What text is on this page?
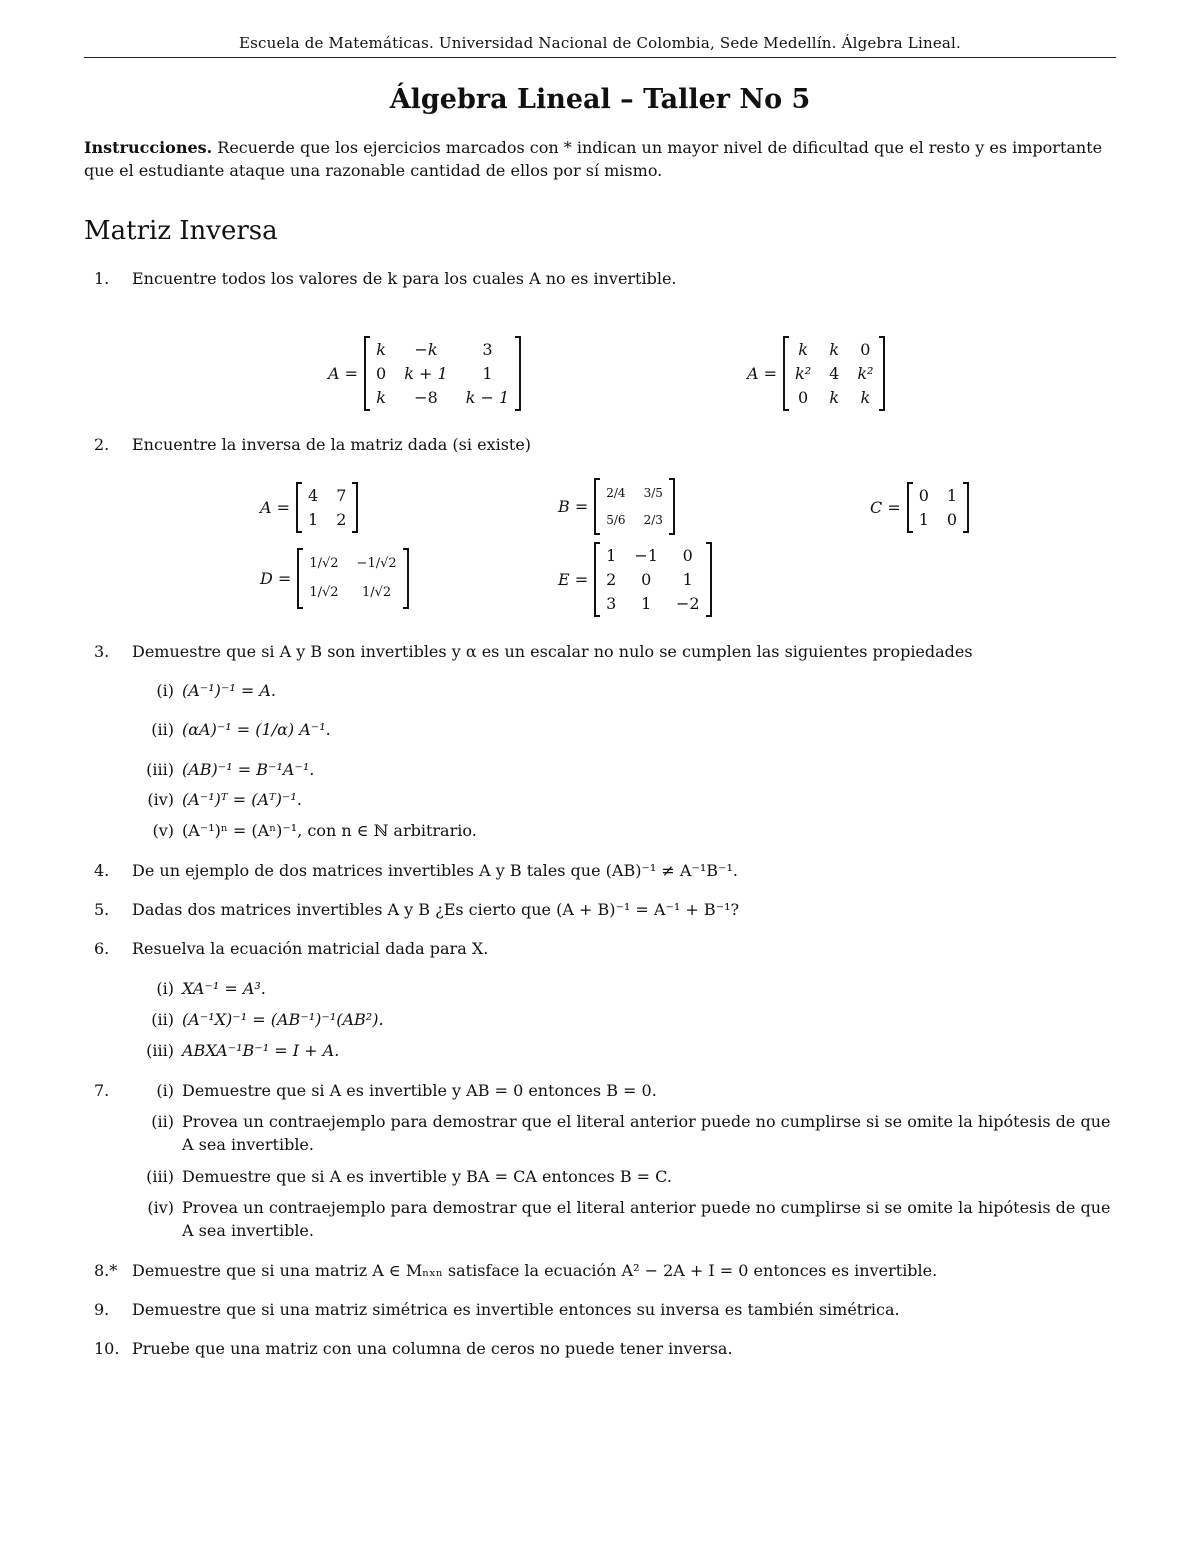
Escuela de Matemáticas. Universidad Nacional de Colombia, Sede Medellín. Álgebra Lineal.
Álgebra Lineal – Taller No 5
Instrucciones. Recuerde que los ejercicios marcados con * indican un mayor nivel de dificultad que el resto y es importante que el estudiante ataque una razonable cantidad de ellos por sí mismo.
Matriz Inversa
1.	Encuentre todos los valores de k para los cuales A no es invertible.
A =
k	−k	3
0 k + 1	1
k	−8	k − 1
A =
k k 0
k² 4 k²
0 k k
2.	Encuentre la inversa de la matriz dada (si existe)
A =
4 7
1 2
B =
2/4 3/5
5/6 2/3
C =
0 1
1 0
D =
1/√2 −1/√2
1/√2	1/√2
E =
1 −1	0
2	0	1
3	1	−2
3.	Demuestre que si A y B son invertibles y α es un escalar no nulo se cumplen las siguientes propiedades
(i) (A⁻¹)⁻¹ = A.
(ii) (αA)⁻¹ = (1/α) A⁻¹.
(iii) (AB)⁻¹ = B⁻¹A⁻¹.
(iv) (A⁻¹)ᵀ = (Aᵀ)⁻¹.
(v) (A⁻¹)ⁿ = (Aⁿ)⁻¹, con n ∈ ℕ arbitrario.
4.	De un ejemplo de dos matrices invertibles A y B tales que (AB)⁻¹ ≠ A⁻¹B⁻¹.
5.	Dadas dos matrices invertibles A y B ¿Es cierto que (A + B)⁻¹ = A⁻¹ + B⁻¹?
6.	Resuelva la ecuación matricial dada para X.
(i) XA⁻¹ = A³.
(ii) (A⁻¹X)⁻¹ = (AB⁻¹)⁻¹(AB²).
(iii) ABXA⁻¹B⁻¹ = I + A.
7.	(i) Demuestre que si A es invertible y AB = 0 entonces B = 0.
(ii) Provea un contraejemplo para demostrar que el literal anterior puede no cumplirse si se omite la hipótesis de que A sea invertible.
(iii) Demuestre que si A es invertible y BA = CA entonces B = C.
(iv) Provea un contraejemplo para demostrar que el literal anterior puede no cumplirse si se omite la hipótesis de que A sea invertible.
8.* Demuestre que si una matriz A ∈ Mₙₓₙ satisface la ecuación A² − 2A + I = 0 entonces es invertible.
9.	Demuestre que si una matriz simétrica es invertible entonces su inversa es también simétrica.
10. Pruebe que una matriz con una columna de ceros no puede tener inversa.
